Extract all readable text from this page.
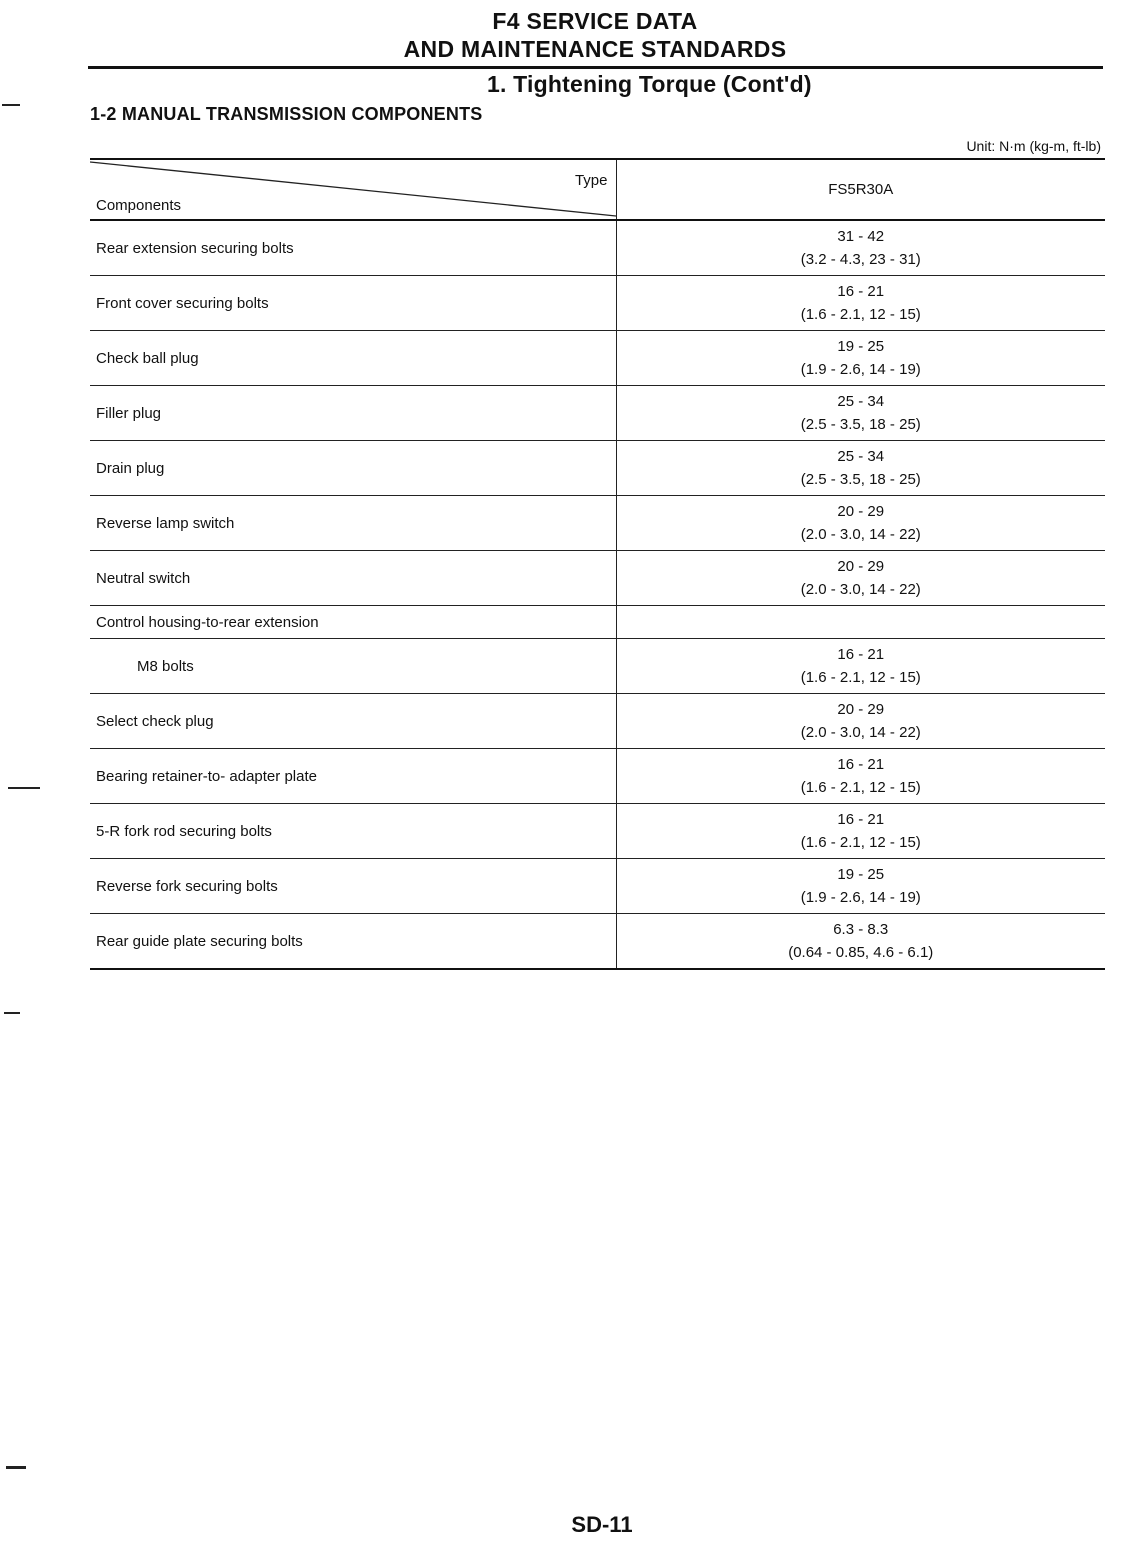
F4 SERVICE DATA
AND MAINTENANCE STANDARDS
1. Tightening Torque (Cont'd)
1-2 MANUAL TRANSMISSION COMPONENTS
Unit: N·m (kg-m, ft-lb)
Type
Components	FS5R30A
Rear extension securing bolts	31 - 42
(3.2 - 4.3, 23 - 31)

Front cover securing bolts	16 - 21
(1.6 - 2.1, 12 - 15)

Check ball plug	19 - 25
(1.9 - 2.6, 14 - 19)

Filler plug	25 - 34
(2.5 - 3.5, 18 - 25)

Drain plug	25 - 34
(2.5 - 3.5, 18 - 25)

Reverse lamp switch	20 - 29
(2.0 - 3.0, 14 - 22)

Neutral switch	20 - 29
(2.0 - 3.0, 14 - 22)

Control housing-to-rear extension	

M8 bolts	16 - 21
(1.6 - 2.1, 12 - 15)

Select check plug	20 - 29
(2.0 - 3.0, 14 - 22)

Bearing retainer-to- adapter plate	16 - 21
(1.6 - 2.1, 12 - 15)

5-R fork rod securing bolts	16 - 21
(1.6 - 2.1, 12 - 15)

Reverse fork securing bolts	19 - 25
(1.9 - 2.6, 14 - 19)

Rear guide plate securing bolts	6.3 - 8.3
(0.64 - 0.85, 4.6 - 6.1)
SD-11
